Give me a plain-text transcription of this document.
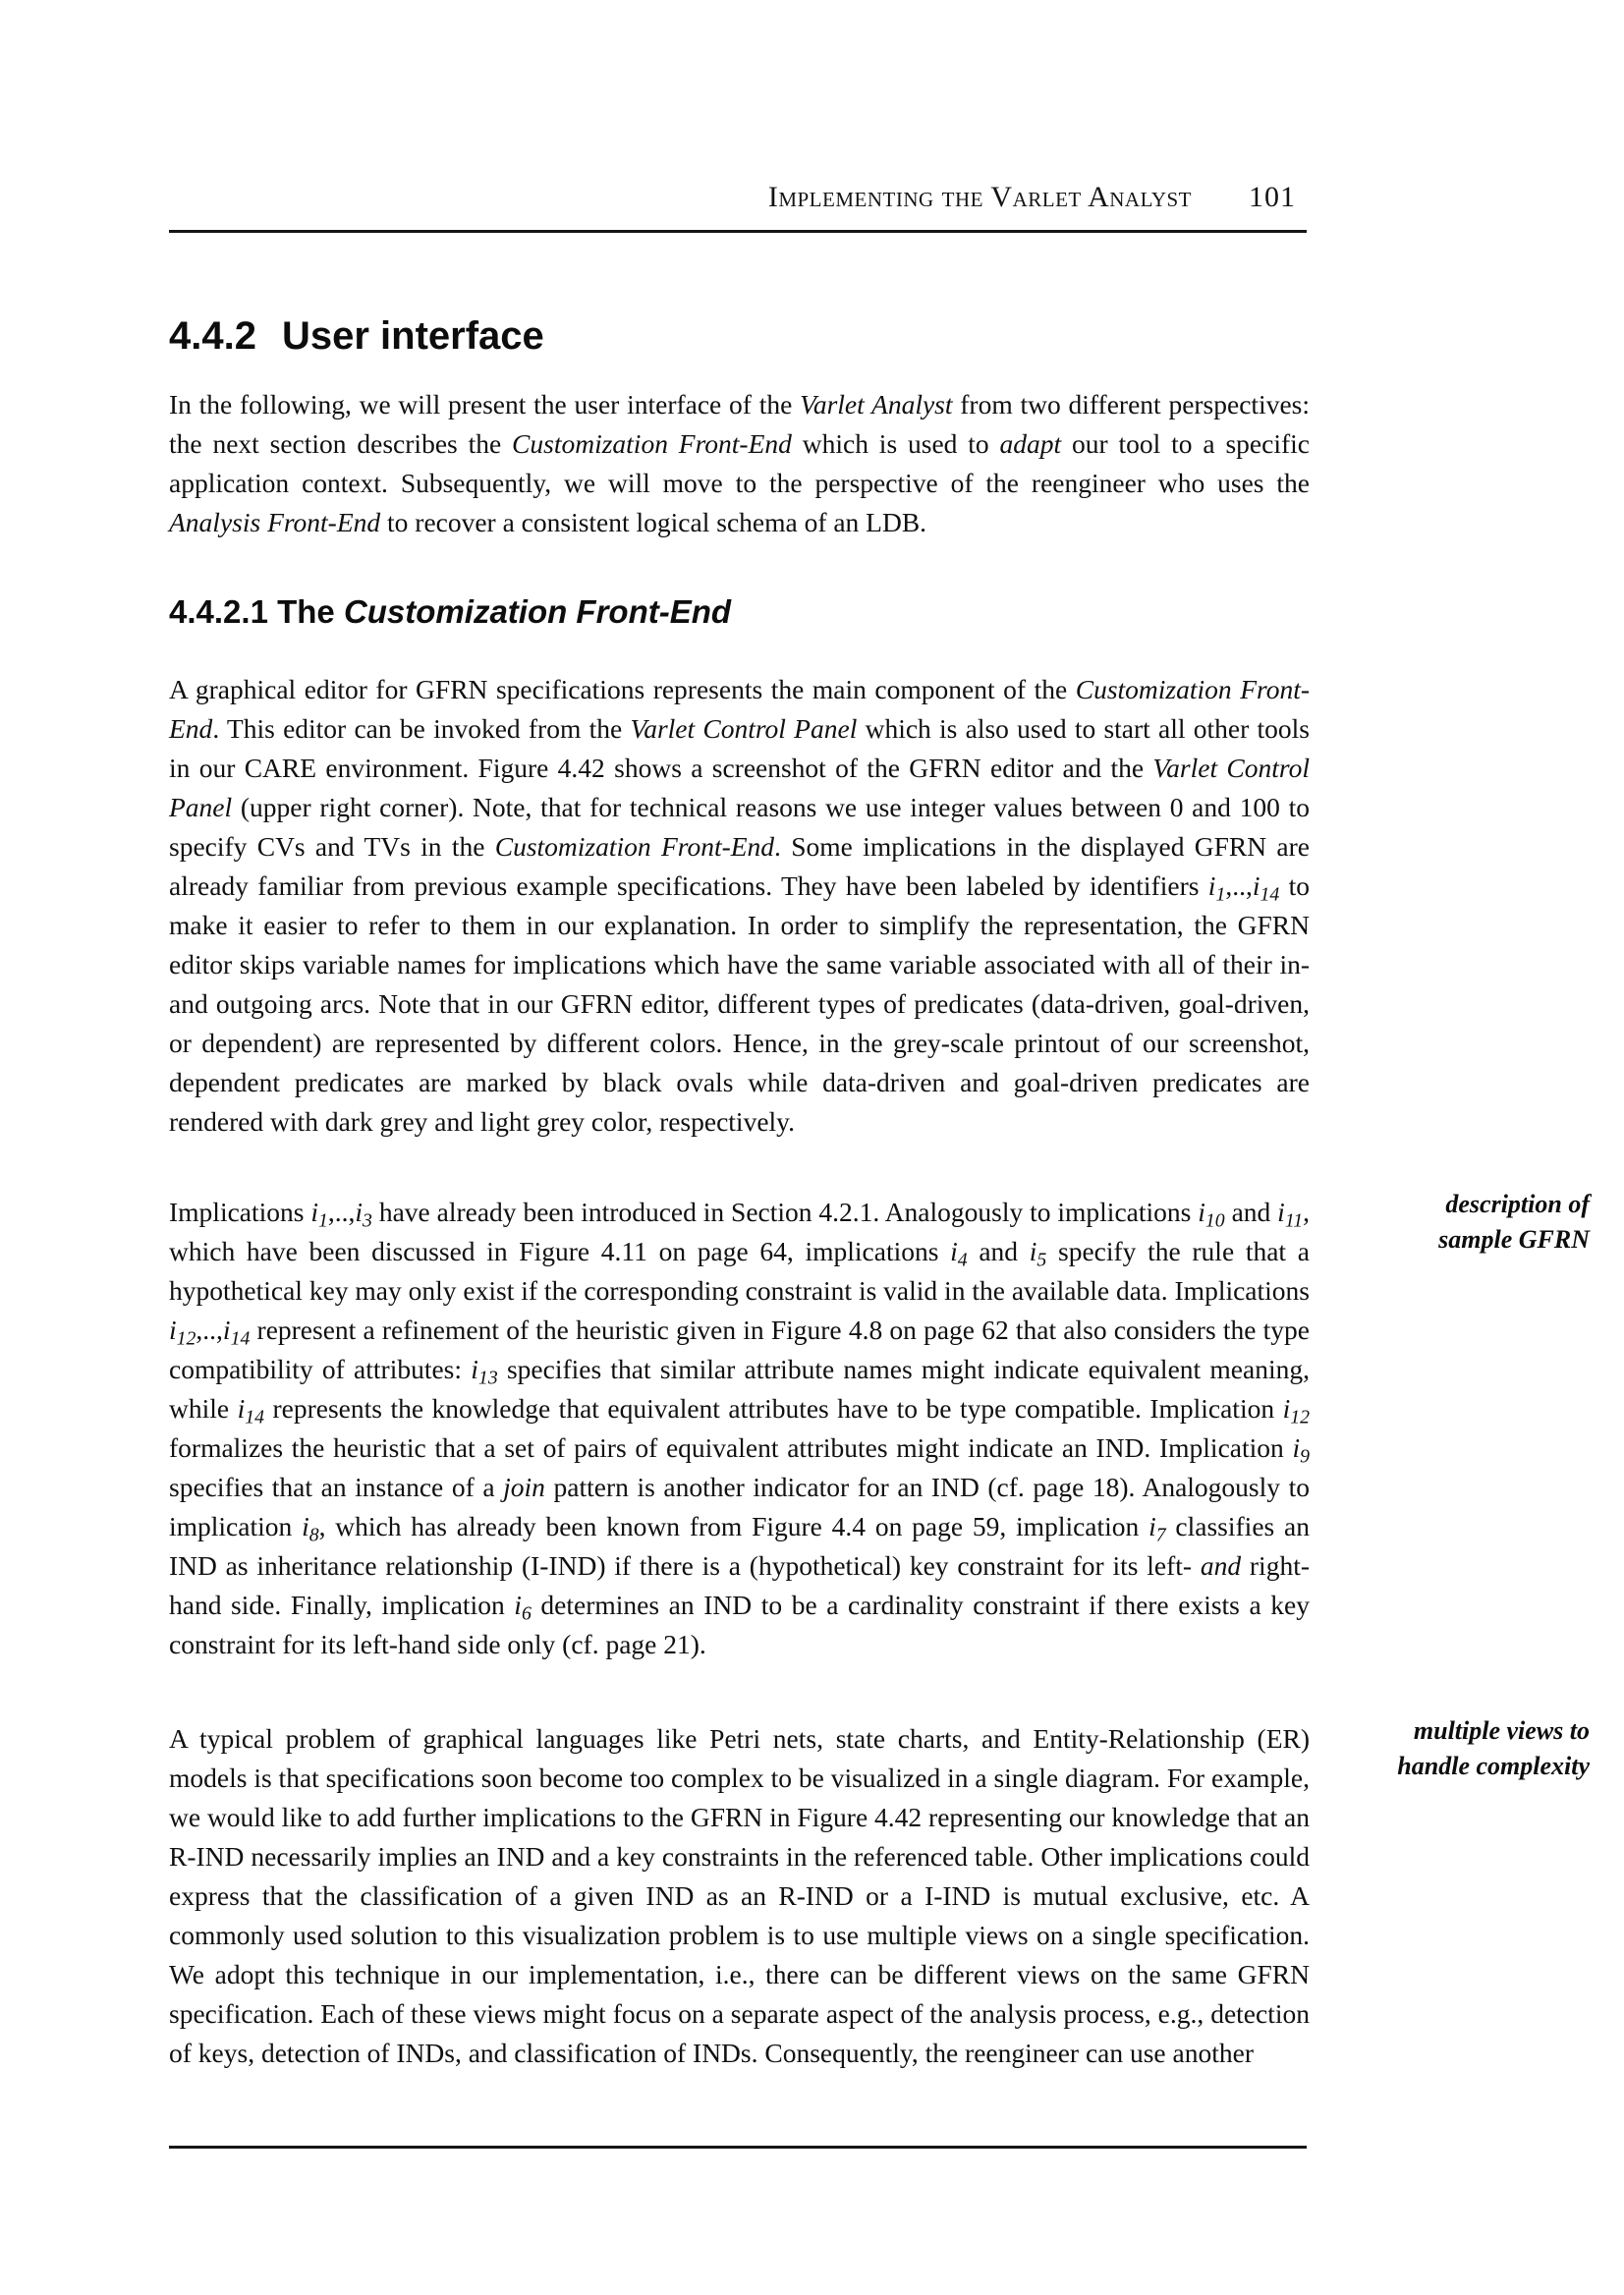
Implementing the Varlet Analyst 101
4.4.2 User interface

In the following, we will present the user interface of the Varlet Analyst from two different perspectives: the next section describes the Customization Front-End which is used to adapt our tool to a specific application context. Subsequently, we will move to the perspective of the reengineer who uses the Analysis Front-End to recover a consistent logical schema of an LDB.

4.4.2.1 The Customization Front-End

A graphical editor for GFRN specifications represents the main component of the Customization Front-End. This editor can be invoked from the Varlet Control Panel which is also used to start all other tools in our CARE environment. Figure 4.42 shows a screenshot of the GFRN editor and the Varlet Control Panel (upper right corner). Note, that for technical reasons we use integer values between 0 and 100 to specify CVs and TVs in the Customization Front-End. Some implications in the displayed GFRN are already familiar from previous example specifications. They have been labeled by identifiers $i_1,..,i_{14}$ to make it easier to refer to them in our explanation. In order to simplify the representation, the GFRN editor skips variable names for implications which have the same variable associated with all of their in- and outgoing arcs. Note that in our GFRN editor, different types of predicates (data-driven, goal-driven, or dependent) are represented by different colors. Hence, in the grey-scale printout of our screenshot, dependent predicates are marked by black ovals while data-driven and goal-driven predicates are rendered with dark grey and light grey color, respectively.

Implications $i_1,..,i_3$ have already been introduced in Section 4.2.1. Analogously to implications $i_{10}$ and $i_{11}$, which have been discussed in Figure 4.11 on page 64, implications $i_4$ and $i_5$ specify the rule that a hypothetical key may only exist if the corresponding constraint is valid in the available data. Implications $i_{12},..,i_{14}$ represent a refinement of the heuristic given in Figure 4.8 on page 62 that also considers the type compatibility of attributes: $i_{13}$ specifies that similar attribute names might indicate equivalent meaning, while $i_{14}$ represents the knowledge that equivalent attributes have to be type compatible. Implication $i_{12}$ formalizes the heuristic that a set of pairs of equivalent attributes might indicate an IND. Implication $i_9$ specifies that an instance of a join pattern is another indicator for an IND (cf. page 18). Analogously to implication $i_8$, which has already been known from Figure 4.4 on page 59, implication $i_7$ classifies an IND as inheritance relationship (I-IND) if there is a (hypothetical) key constraint for its left- and right-hand side. Finally, implication $i_6$ determines an IND to be a cardinality constraint if there exists a key constraint for its left-hand side only (cf. page 21).

description of
sample GFRN

A typical problem of graphical languages like Petri nets, state charts, and Entity-Relationship (ER) models is that specifications soon become too complex to be visualized in a single diagram. For example, we would like to add further implications to the GFRN in Figure 4.42 representing our knowledge that an R-IND necessarily implies an IND and a key constraints in the referenced table. Other implications could express that the classification of a given IND as an R-IND or a I-IND is mutual exclusive, etc. A commonly used solution to this visualization problem is to use multiple views on a single specification. We adopt this technique in our implementation, i.e., there can be different views on the same GFRN specification. Each of these views might focus on a separate aspect of the analysis process, e.g., detection of keys, detection of INDs, and classification of INDs. Consequently, the reengineer can use another

multiple views to
handle complexity
